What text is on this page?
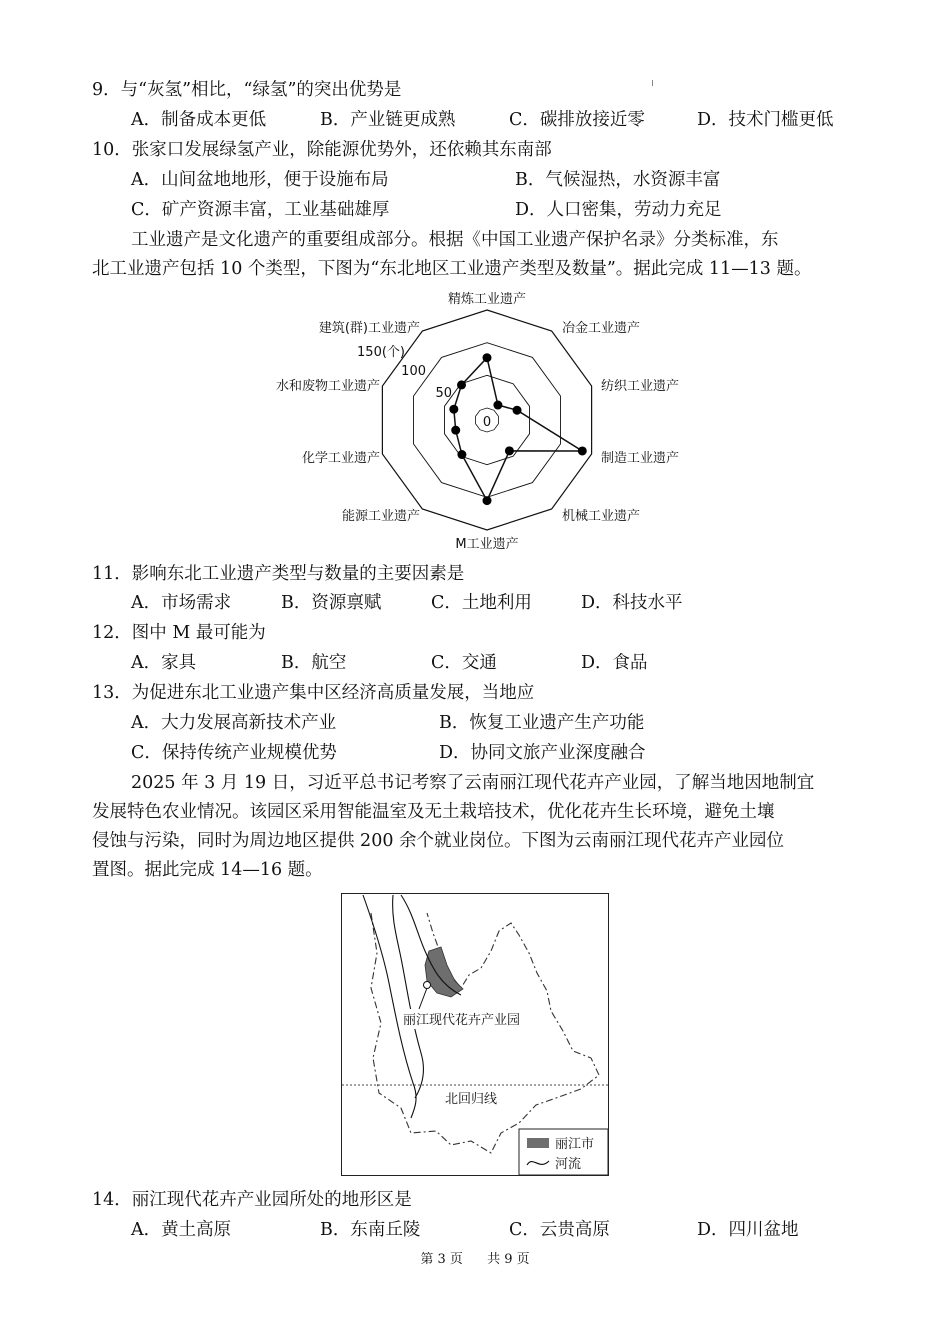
9．与“灰氢”相比，“绿氢”的突出优势是
A．制备成本更低	B．产业链更成熟	C．碳排放接近零	D．技术门槛更低
10．张家口发展绿氢产业，除能源优势外，还依赖其东南部
A．山间盆地地形，便于设施布局	B．气候湿热，水资源丰富
C．矿产资源丰富，工业基础雄厚	D．人口密集，劳动力充足
工业遗产是文化遗产的重要组成部分。根据《中国工业遗产保护名录》分类标准，东
北工业遗产包括 10 个类型，下图为“东北地区工业遗产类型及数量”。据此完成 11—13 题。
精炼工业遗产
冶金工业遗产
纺织工业遗产
制造工业遗产
机械工业遗产
M工业遗产
能源工业遗产
化学工业遗产
水和废物工业遗产
建筑(群)工业遗产
0
50
100
150(个)
11．影响东北工业遗产类型与数量的主要因素是
A．市场需求	B．资源禀赋	C．土地利用	D．科技水平
12．图中 M 最可能为
A．家具	B．航空	C．交通	D．食品
13．为促进东北工业遗产集中区经济高质量发展，当地应
A．大力发展高新技术产业	B．恢复工业遗产生产功能
C．保持传统产业规模优势	D．协同文旅产业深度融合
2025 年 3 月 19 日，习近平总书记考察了云南丽江现代花卉产业园，了解当地因地制宜
发展特色农业情况。该园区采用智能温室及无土栽培技术，优化花卉生长环境，避免土壤
侵蚀与污染，同时为周边地区提供 200 余个就业岗位。下图为云南丽江现代花卉产业园位
置图。据此完成 14—16 题。
丽江现代花卉产业园
北回归线
丽江市
河流
14．丽江现代花卉产业园所处的地形区是
A．黄土高原	B．东南丘陵	C．云贵高原	D．四川盆地
第 3 页 共 9 页
